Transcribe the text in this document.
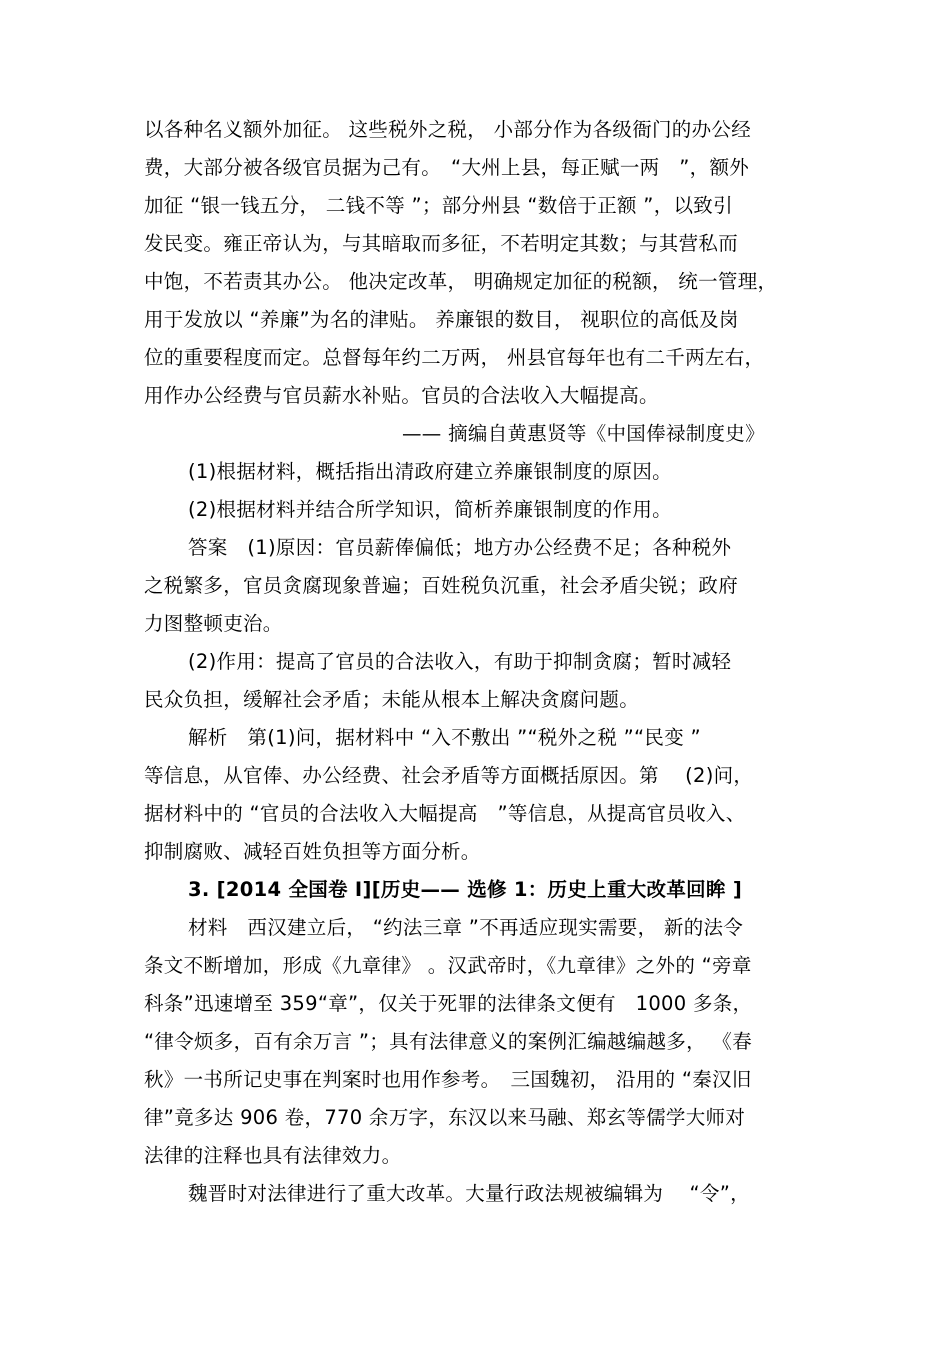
以各种名义额外加征。 这些税外之税， 小部分作为各级衙门的办公经
费，大部分被各级官员据为己有。　“大州上县，每正赋一两　”，额外
加征 “银一钱五分， 二钱不等 ”；部分州县 “数倍于正额 ”，以致引
发民变。雍正帝认为，与其暗取而多征，不若明定其数；与其营私而
中饱，不若责其办公。 他决定改革， 明确规定加征的税额， 统一管理，
用于发放以 “养廉”为名的津贴。 养廉银的数目， 视职位的高低及岗
位的重要程度而定。总督每年约二万两， 州县官每年也有二千两左右，
用作办公经费与官员薪水补贴。官员的合法收入大幅提高。
—— 摘编自黄惠贤等《中国俸禄制度史》
(1)根据材料，概括指出清政府建立养廉银制度的原因。
(2)根据材料并结合所学知识，简析养廉银制度的作用。
答案　(1)原因：官员薪俸偏低；地方办公经费不足；各种税外
之税繁多，官员贪腐现象普遍；百姓税负沉重，社会矛盾尖锐；政府
力图整顿吏治。
(2)作用：提高了官员的合法收入，有助于抑制贪腐；暂时减轻
民众负担，缓解社会矛盾；未能从根本上解决贪腐问题。
解析　第(1)问，据材料中 “入不敷出 ”“税外之税 ”“民变 ”
等信息，从官俸、办公经费、社会矛盾等方面概括原因。第　 (2)问，
据材料中的 “官员的合法收入大幅提高　”等信息，从提高官员收入、
抑制腐败、减轻百姓负担等方面分析。
3. [2014 全国卷 Ⅰ][历史—— 选修 1：历史上重大改革回眸 ]
材料　西汉建立后， “约法三章 ”不再适应现实需要， 新的法令
条文不断增加，形成《九章律》 。汉武帝时，《九章律》之外的 “旁章
科条”迅速增至 359“章”，仅关于死罪的法律条文便有　1000 多条，
“律令烦多，百有余万言 ”；具有法律意义的案例汇编越编越多， 《春
秋》一书所记史事在判案时也用作参考。　三国魏初， 沿用的 “秦汉旧
律”竟多达 906 卷，770 余万字，东汉以来马融、郑玄等儒学大师对
法律的注释也具有法律效力。
魏晋时对法律进行了重大改革。大量行政法规被编辑为　 “令”，
